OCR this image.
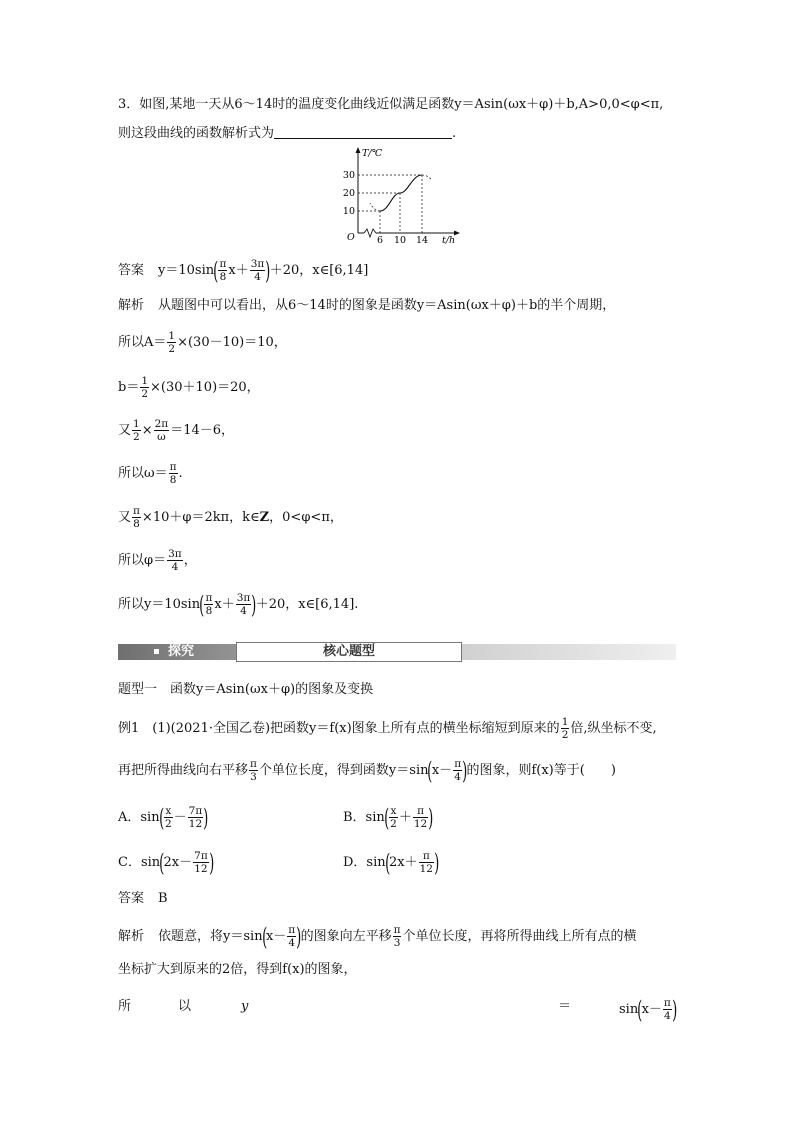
3．如图,某地一天从6～14时的温度变化曲线近似满足函数y＝Asin(ωx＋φ)＋b,A>0,0<φ<π,
则这段曲线的函数解析式为	.
T/℃
30
20
10
O 6 10 14 t/h
答案 $y=10\sin( \frac{\pi}{8} x+ \frac{3\pi}{4} )+20$，x∈[6,14]
解析 从题图中可以看出，从6～14时的图象是函数y＝Asin(ωx＋φ)＋b的半个周期，
所以$A= \frac{1}{2} \times(30-10)=10$，
$b= \frac{1}{2} \times(30+10)=20$，
又 $\frac{1}{2} \times \frac{2\pi}{\omega} =14-6$，
所以$\omega= \frac{\pi}{8}$ .
又 $\frac{\pi}{8} \times 10+\varphi=2k\pi$，k∈Z，0<φ<π，
所以$\varphi= \frac{3\pi}{4}$ ，
所以$y=10\sin( \frac{\pi}{8} x+ \frac{3\pi}{4} )+20$，x∈[6,14].
探究	核心题型
题型一　函数y＝Asin(ωx＋φ)的图象及变换
例1　(1)(2021·全国乙卷)把函数y＝f(x)图象上所有点的横坐标缩短到原来的 $\frac{1}{2}$ 倍,纵坐标不变,
再把所得曲线向右平移 $\frac{\pi}{3}$ 个单位长度，得到函数$y=\sin(x- \frac{\pi}{4}$ )的图象，则f(x)等于(　　)
A．$\sin( \frac{x}{2} - \frac{7\pi}{12}$ )	B．$\sin( \frac{x}{2} + \frac{\pi}{12}$ )
C．$\sin(2x- \frac{7\pi}{12}$ )	D．$\sin(2x+ \frac{\pi}{12}$ )
答案 B
解析 依题意，将$y=\sin(x- \frac{\pi}{4}$ )的图象向左平移 $\frac{\pi}{3}$ 个单位长度，再将所得曲线上所有点的横
坐标扩大到原来的2倍，得到f(x)的图象，
所	以	y	＝	$\sin(x- \frac{\pi}{4}$ )
